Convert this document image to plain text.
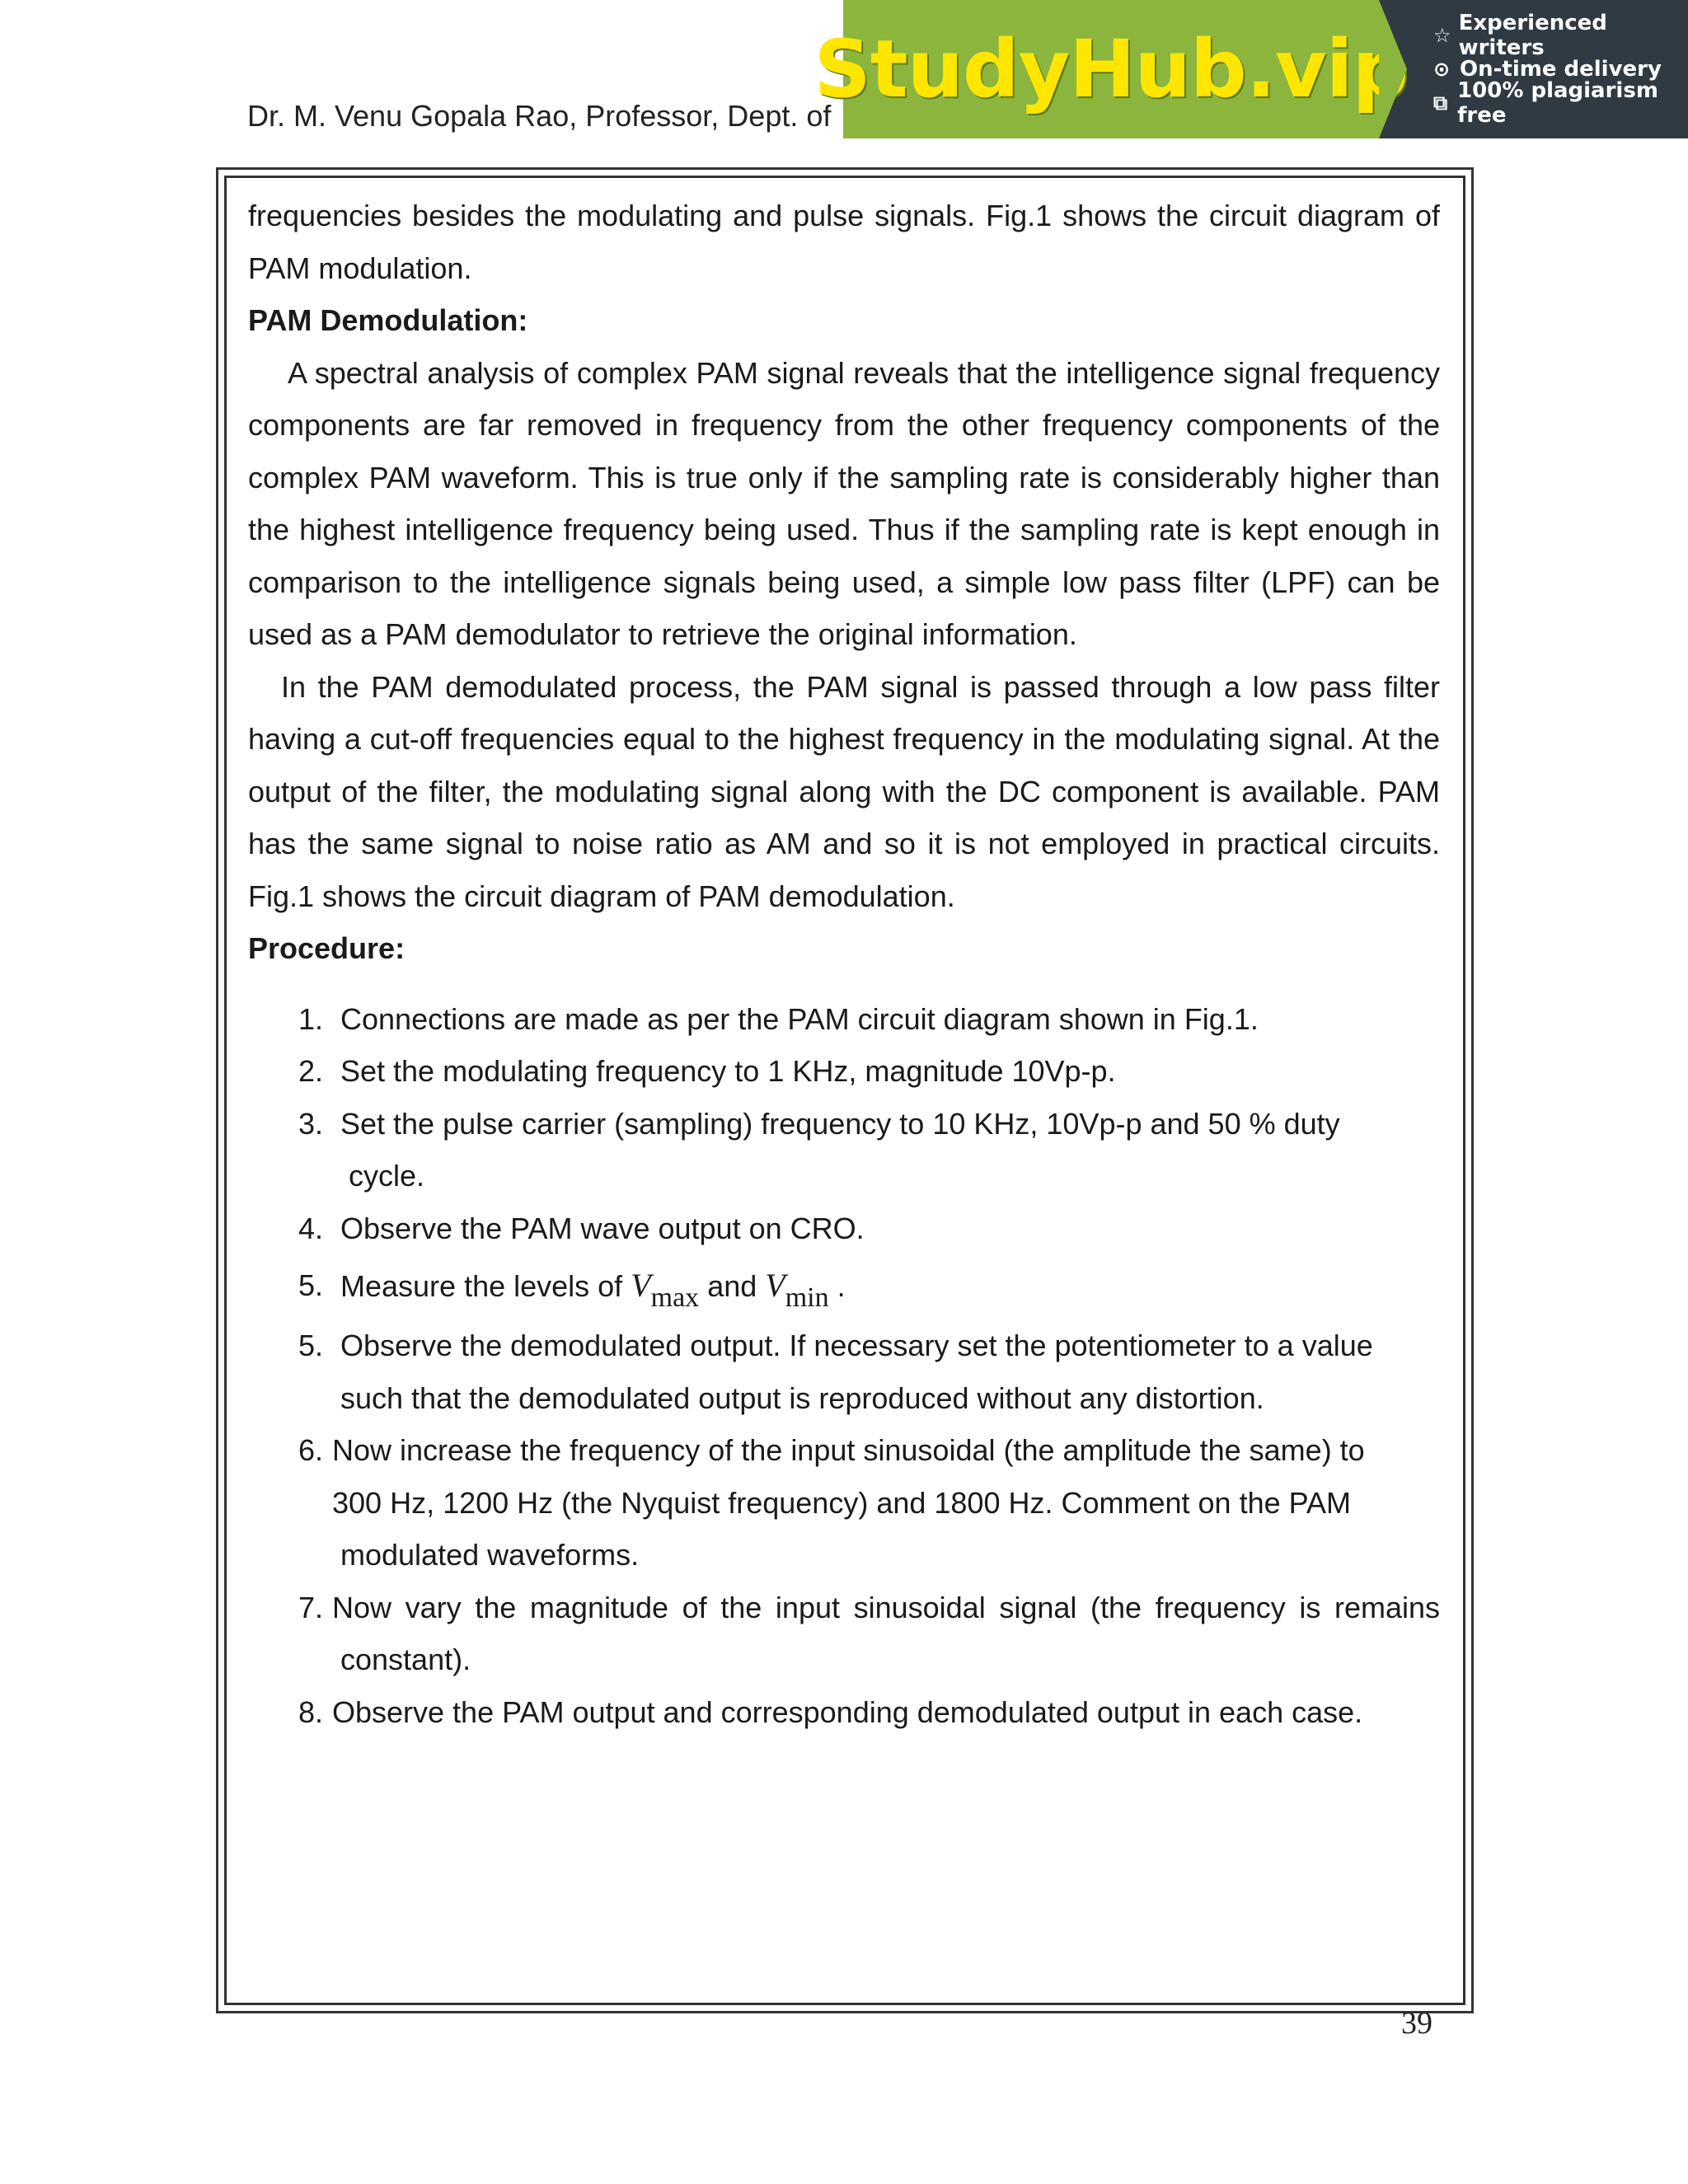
Dr. M. Venu Gopala Rao, Professor, Dept. of
StudyHub.vip ☆ Experienced writers
⊙ On-time delivery
⧉ 100% plagiarism free

frequencies besides the modulating and pulse signals. Fig.1 shows the circuit diagram of PAM modulation.

PAM Demodulation:

A spectral analysis of complex PAM signal reveals that the intelligence signal frequency components are far removed in frequency from the other frequency components of the complex PAM waveform. This is true only if the sampling rate is considerably higher than the highest intelligence frequency being used. Thus if the sampling rate is kept enough in comparison to the intelligence signals being used, a simple low pass filter (LPF) can be used as a PAM demodulator to retrieve the original information.

In the PAM demodulated process, the PAM signal is passed through a low pass filter having a cut-off frequencies equal to the highest frequency in the modulating signal. At the output of the filter, the modulating signal along with the DC component is available. PAM has the same signal to noise ratio as AM and so it is not employed in practical circuits. Fig.1 shows the circuit diagram of PAM demodulation.

Procedure:

1. Connections are made as per the PAM circuit diagram shown in Fig.1.
2. Set the modulating frequency to 1 KHz, magnitude 10Vp-p.
3. Set the pulse carrier (sampling) frequency to 10 KHz, 10Vp-p and 50 % duty
cycle.
4. Observe the PAM wave output on CRO.
5. Measure the levels of Vmax and Vmin .
5. Observe the demodulated output. If necessary set the potentiometer to a value
such that the demodulated output is reproduced without any distortion.
6. Now increase the frequency of the input sinusoidal (the amplitude the same) to
300 Hz, 1200 Hz (the Nyquist frequency) and 1800 Hz. Comment on the PAM
modulated waveforms.
7. Now vary the magnitude of the input sinusoidal signal (the frequency is remains
constant).
8. Observe the PAM output and corresponding demodulated output in each case.
39
